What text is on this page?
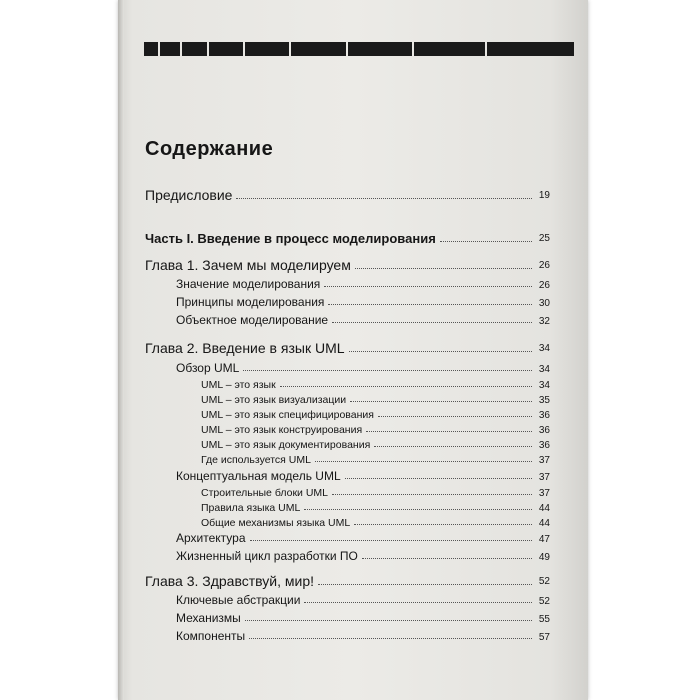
Содержание
Предисловие	19
Часть I. Введение в процесс моделирования	25
Глава 1. Зачем мы моделируем	26
Значение моделирования	26
Принципы моделирования	30
Объектное моделирование	32
Глава 2. Введение в язык UML	34
Обзор UML	34
UML – это язык	34
UML – это язык визуализации	35
UML – это язык специфицирования	36
UML – это язык конструирования	36
UML – это язык документирования	36
Где используется UML	37
Концептуальная модель UML	37
Строительные блоки UML	37
Правила языка UML	44
Общие механизмы языка UML	44
Архитектура	47
Жизненный цикл разработки ПО	49
Глава 3. Здравствуй, мир!	52
Ключевые абстракции	52
Механизмы	55
Компоненты	57
